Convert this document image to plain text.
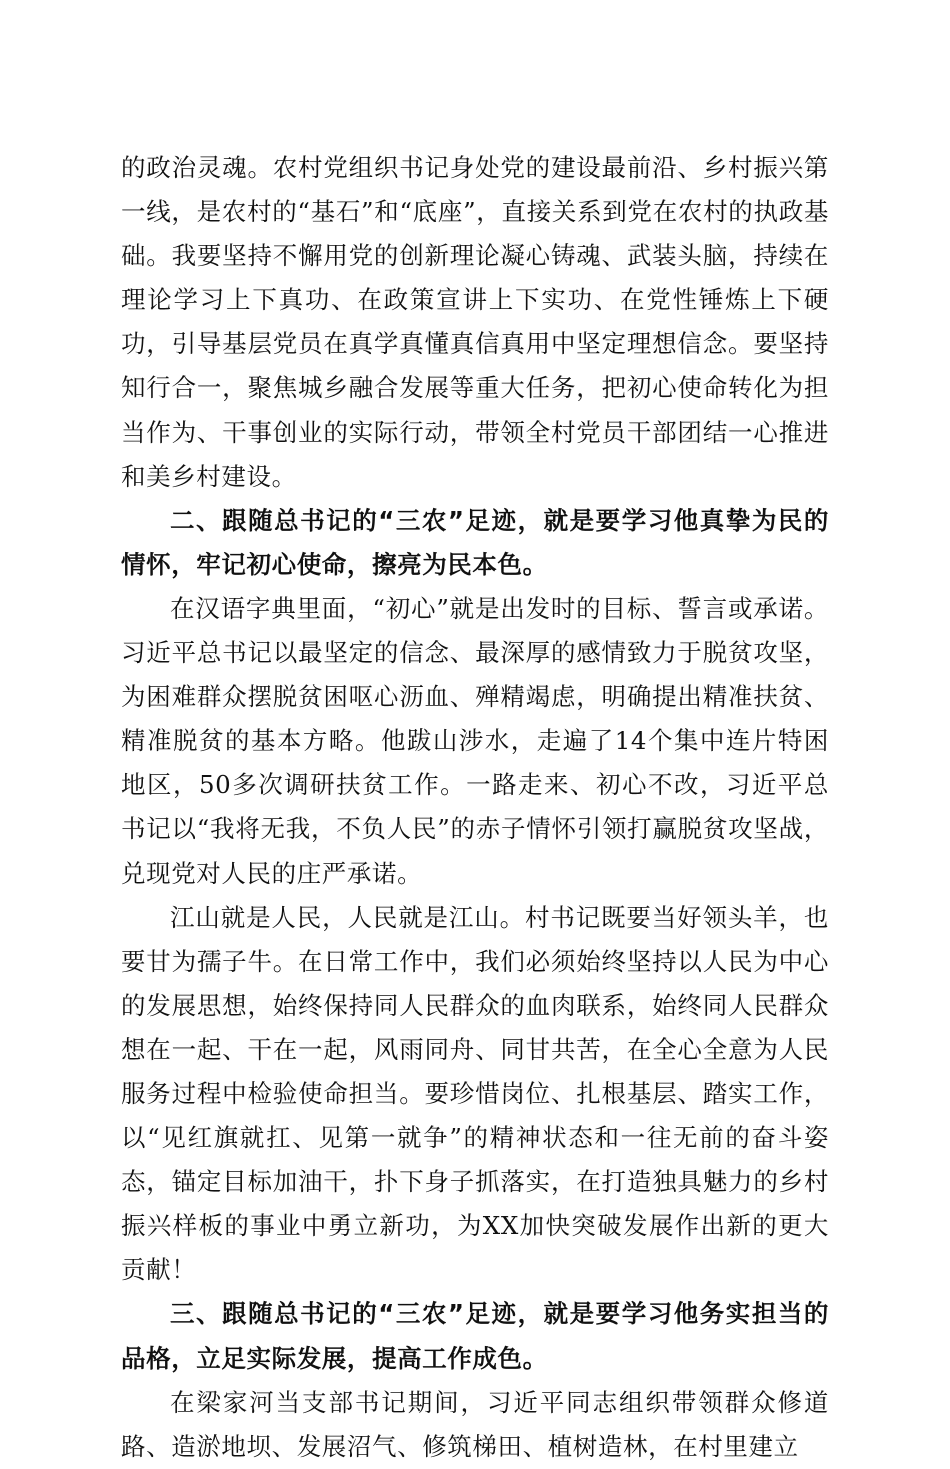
的政治灵魂。农村党组织书记身处党的建设最前沿、乡村振兴第一线，是农村的“基石”和“底座”，直接关系到党在农村的执政基础。我要坚持不懈用党的创新理论凝心铸魂、武装头脑，持续在理论学习上下真功、在政策宣讲上下实功、在党性锤炼上下硬功，引导基层党员在真学真懂真信真用中坚定理想信念。要坚持知行合一，聚焦城乡融合发展等重大任务，把初心使命转化为担当作为、干事创业的实际行动，带领全村党员干部团结一心推进和美乡村建设。

二、跟随总书记的“三农”足迹，就是要学习他真挚为民的情怀，牢记初心使命，擦亮为民本色。

在汉语字典里面，“初心”就是出发时的目标、誓言或承诺。习近平总书记以最坚定的信念、最深厚的感情致力于脱贫攻坚，为困难群众摆脱贫困呕心沥血、殚精竭虑，明确提出精准扶贫、精准脱贫的基本方略。他跋山涉水，走遍了14个集中连片特困地区，50多次调研扶贫工作。一路走来、初心不改，习近平总书记以“我将无我，不负人民”的赤子情怀引领打赢脱贫攻坚战，兑现党对人民的庄严承诺。

江山就是人民，人民就是江山。村书记既要当好领头羊，也要甘为孺子牛。在日常工作中，我们必须始终坚持以人民为中心的发展思想，始终保持同人民群众的血肉联系，始终同人民群众想在一起、干在一起，风雨同舟、同甘共苦，在全心全意为人民服务过程中检验使命担当。要珍惜岗位、扎根基层、踏实工作，以“见红旗就扛、见第一就争”的精神状态和一往无前的奋斗姿态，锚定目标加油干，扑下身子抓落实，在打造独具魅力的乡村振兴样板的事业中勇立新功，为XX加快突破发展作出新的更大贡献！

三、跟随总书记的“三农”足迹，就是要学习他务实担当的品格，立足实际发展，提高工作成色。

在梁家河当支部书记期间，习近平同志组织带领群众修道路、造淤地坝、发展沼气、修筑梯田、植树造林，在村里建立
